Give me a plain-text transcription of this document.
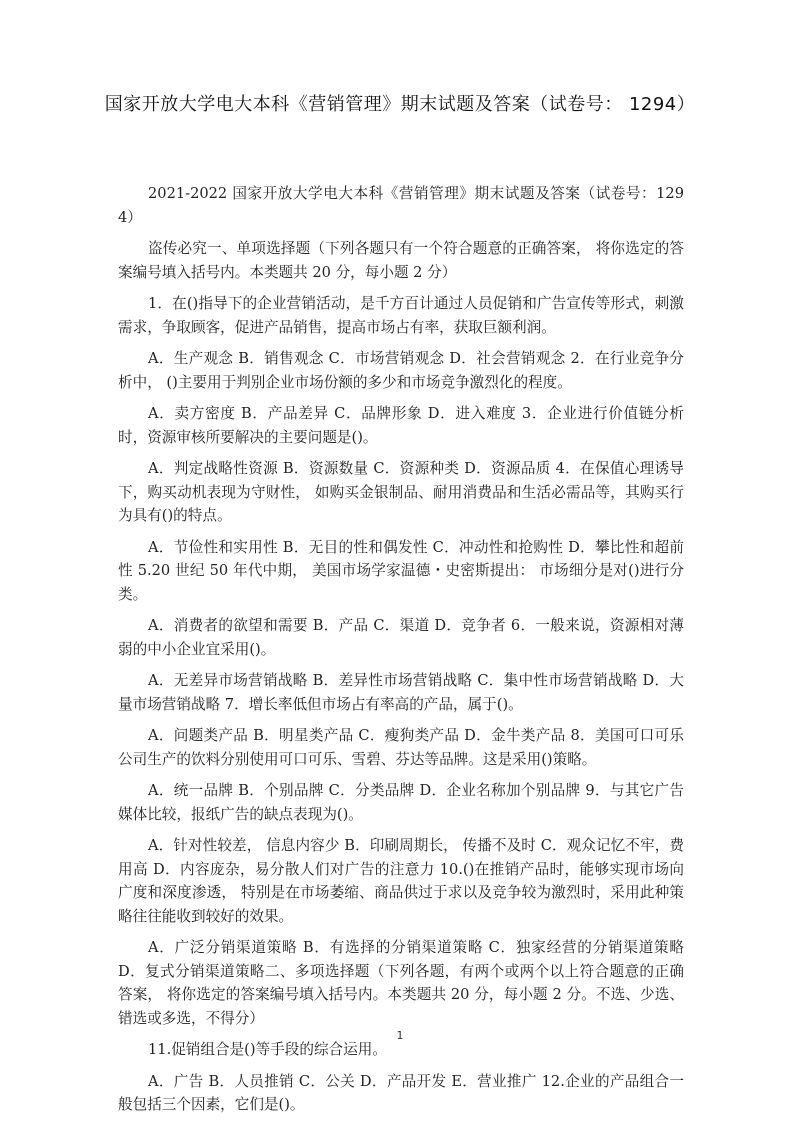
国家开放大学电大本科《营销管理》期末试题及答案（试卷号： 1294）

2021-2022 国家开放大学电大本科《营销管理》期末试题及答案（试卷号：1294）

盗传必究一、单项选择题（下列各题只有一个符合题意的正确答案， 将你选定的答案编号填入括号内。本类题共 20 分，每小题 2 分）

1．在()指导下的企业营销活动，是千方百计通过人员促销和广告宣传等形式，刺激需求，争取顾客，促进产品销售，提高市场占有率，获取巨额利润。

A．生产观念 B．销售观念 C．市场营销观念 D．社会营销观念 2．在行业竞争分析中， ()主要用于判别企业市场份额的多少和市场竞争激烈化的程度。

A．卖方密度 B．产品差异 C．品牌形象 D．进入难度 3．企业进行价值链分析时，资源审核所要解决的主要问题是()。

A．判定战略性资源 B．资源数量 C．资源种类 D．资源品质 4．在保值心理诱导下，购买动机表现为守财性， 如购买金银制品、耐用消费品和生活必需品等，其购买行为具有()的特点。

A．节俭性和实用性 B．无目的性和偶发性 C．冲动性和抢购性 D．攀比性和超前性 5.20 世纪 50 年代中期， 美国市场学家温德・史密斯提出： 市场细分是对()进行分类。

A．消费者的欲望和需要 B．产品 C．渠道 D．竞争者 6．一般来说，资源相对薄弱的中小企业宜采用()。

A．无差异市场营销战略 B．差异性市场营销战略 C．集中性市场营销战略 D．大量市场营销战略 7．增长率低但市场占有率高的产品，属于()。

A．问题类产品 B．明星类产品 C．瘦狗类产品 D．金牛类产品 8．美国可口可乐公司生产的饮料分别使用可口可乐、雪碧、芬达等品牌。这是采用()策略。

A．统一品牌 B．个别品牌 C．分类品牌 D．企业名称加个别品牌 9．与其它广告媒体比较，报纸广告的缺点表现为()。

A．针对性较差， 信息内容少 B．印刷周期长， 传播不及时 C．观众记忆不牢，费用高 D．内容庞杂，易分散人们对广告的注意力 10.()在推销产品时，能够实现市场向广度和深度渗透， 特别是在市场萎缩、商品供过于求以及竞争较为激烈时，采用此种策略往往能收到较好的效果。

A．广泛分销渠道策略 B．有选择的分销渠道策略 C．独家经营的分销渠道策略 D．复式分销渠道策略二、多项选择题（下列各题，有两个或两个以上符合题意的正确答案， 将你选定的答案编号填入括号内。本类题共 20 分，每小题 2 分。不选、少选、错选或多选，不得分）

11.促销组合是()等手段的综合运用。

A．广告 B．人员推销 C．公关 D．产品开发 E．营业推广 12.企业的产品组合一般包括三个因素，它们是()。

1
